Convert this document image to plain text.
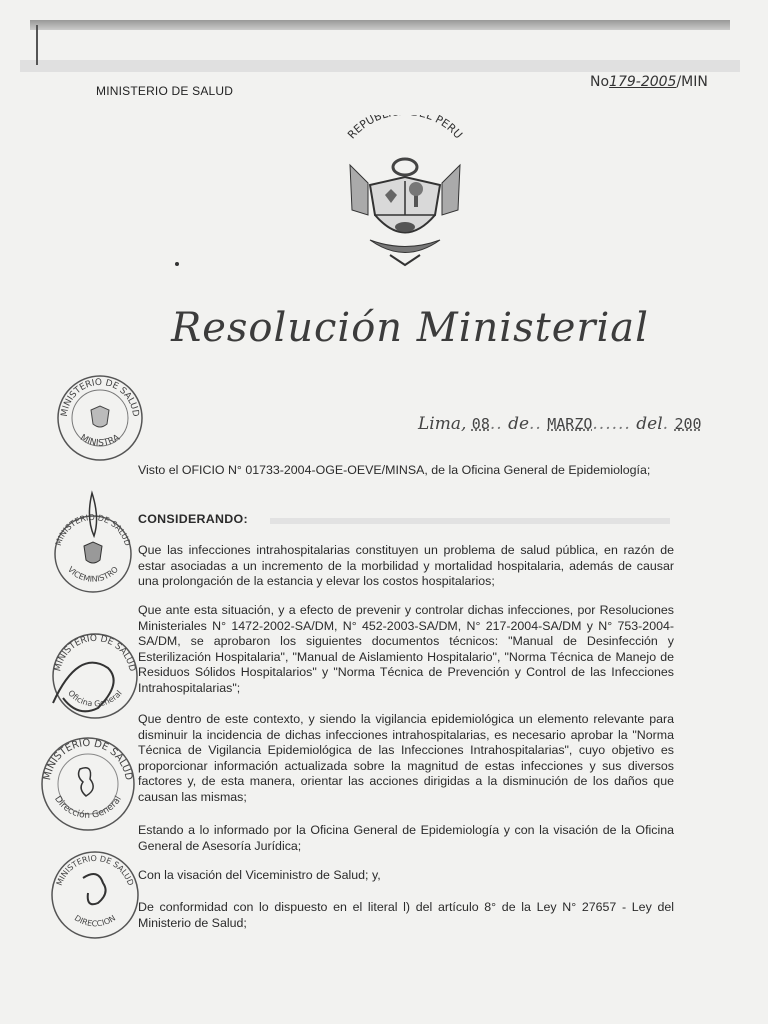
MINISTERIO DE SALUD
No179-2005/MIN
REPUB L PERU
Resolución Ministerial
Lima, 08.. de.. MARZO...... del. 200
MINISTERIO DE SALUD
MINISTRA
MINISTERIO DE SALUD
VICEMINISTRO
MINISTERIO DE SALUD
Oficina General
MINISTERIO DE SALUD
Dirección General
MINISTERIO DE SALUD
DIRECCION
Visto el OFICIO N° 01733-2004-OGE-OEVE/MINSA, de la Oficina General de Epidemiología;
CONSIDERANDO:
Que las infecciones intrahospitalarias constituyen un problema de salud pública, en razón de estar asociadas a un incremento de la morbilidad y mortalidad hospitalaria, además de causar una prolongación de la estancia y elevar los costos hospitalarios;
Que ante esta situación, y a efecto de prevenir y controlar dichas infecciones, por Resoluciones Ministeriales N° 1472-2002-SA/DM, N° 452-2003-SA/DM, N° 217-2004-SA/DM y N° 753-2004-SA/DM, se aprobaron los siguientes documentos técnicos: "Manual de Desinfección y Esterilización Hospitalaria", "Manual de Aislamiento Hospitalario", "Norma Técnica de Manejo de Residuos Sólidos Hospitalarios" y "Norma Técnica de Prevención y Control de las Infecciones Intrahospitalarias";
Que dentro de este contexto, y siendo la vigilancia epidemiológica un elemento relevante para disminuir la incidencia de dichas infecciones intrahospitalarias, es necesario aprobar la "Norma Técnica de Vigilancia Epidemiológica de las Infecciones Intrahospitalarias", cuyo objetivo es proporcionar información actualizada sobre la magnitud de estas infecciones y sus diversos factores y, de esta manera, orientar las acciones dirigidas a la disminución de los daños que causan las mismas;
Estando a lo informado por la Oficina General de Epidemiología y con la visación de la Oficina General de Asesoría Jurídica;
Con la visación del Viceministro de Salud; y,
De conformidad con lo dispuesto en el literal l) del artículo 8° de la Ley N° 27657 - Ley del Ministerio de Salud;
